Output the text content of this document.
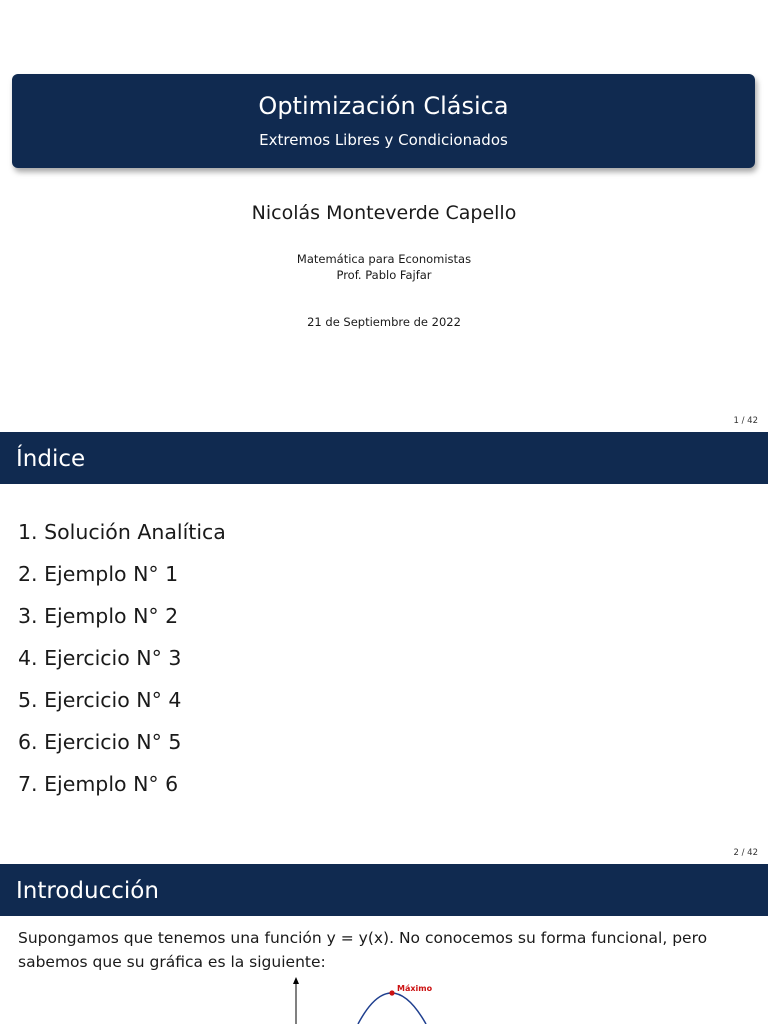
Optimización Clásica
Extremos Libres y Condicionados
Nicolás Monteverde Capello
Matemática para Economistas
Prof. Pablo Fajfar
21 de Septiembre de 2022
1 / 42
Índice
1. Solución Analítica
2. Ejemplo N° 1
3. Ejemplo N° 2
4. Ejercicio N° 3
5. Ejercicio N° 4
6. Ejercicio N° 5
7. Ejemplo N° 6
2 / 42
Introducción
Supongamos que tenemos una función y = y(x). No conocemos su forma funcional, pero
sabemos que su gráfica es la siguiente:
Máximo
